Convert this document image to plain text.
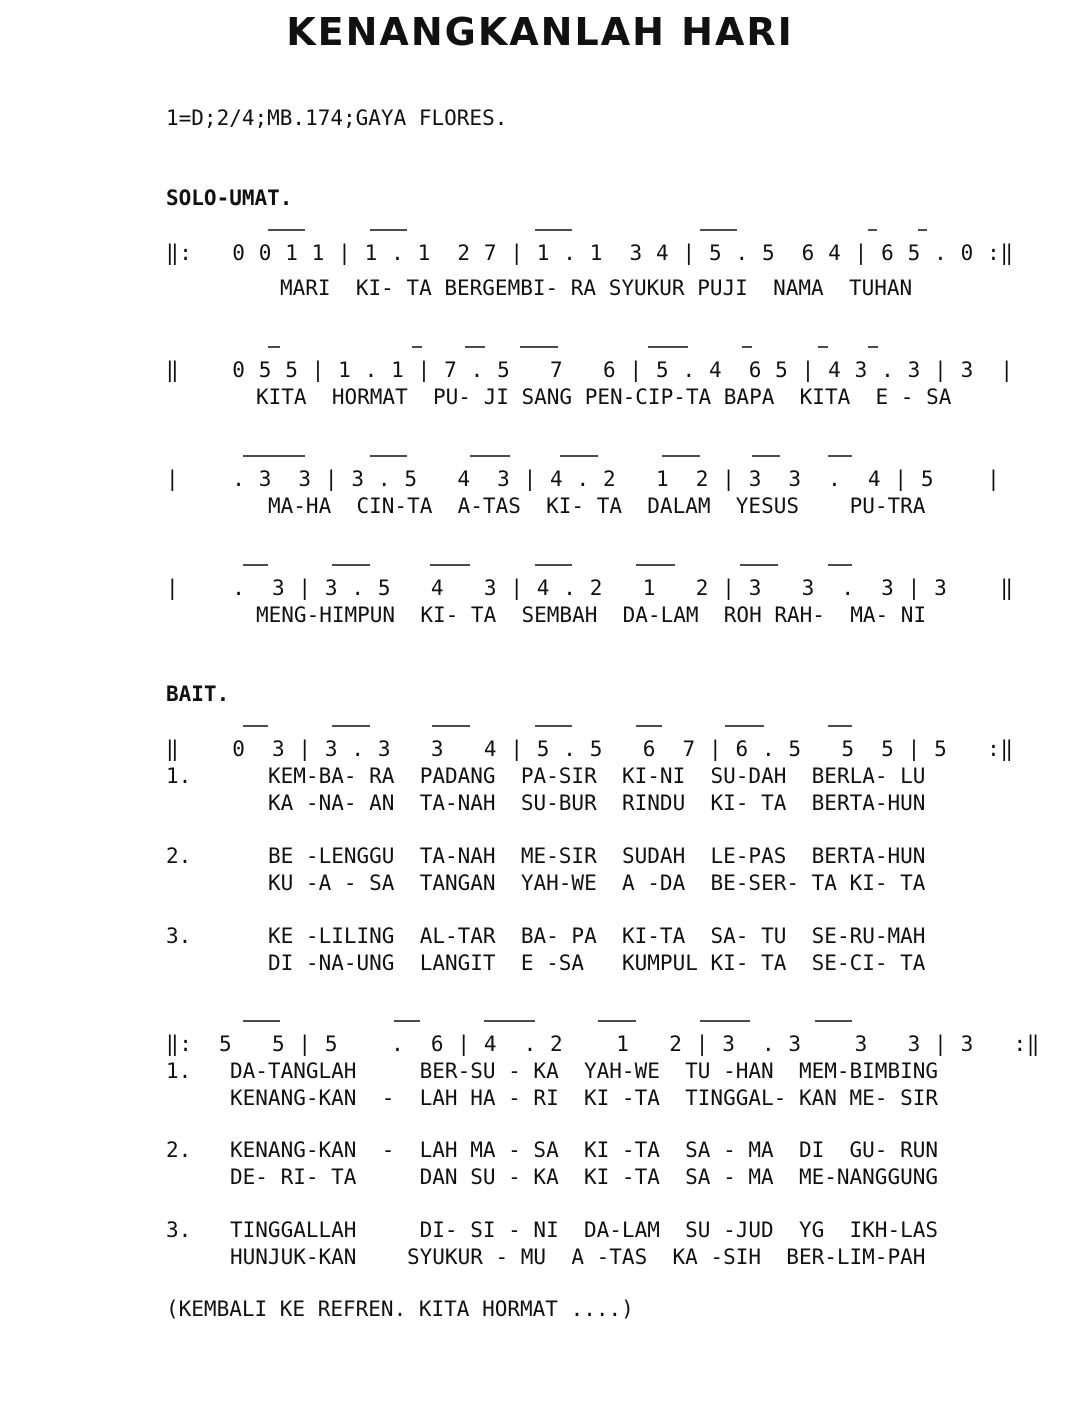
KENANGKANLAH HARI
1=D;2/4;MB.174;GAYA FLORES.
SOLO-UMAT.
‖:   0 0 1 1 | 1 . 1  2 7 | 1 . 1  3 4 | 5 . 5  6 4 | 6 5 . 0 :‖
MARI  KI- TA BERGEMBI- RA SYUKUR PUJI  NAMA  TUHAN
‖    0 5 5 | 1 . 1 | 7 . 5   7   6 | 5 . 4  6 5 | 4 3 . 3 | 3  |
KITA  HORMAT  PU- JI SANG PEN-CIP-TA BAPA  KITA  E - SA
|    . 3  3 | 3 . 5   4  3 | 4 . 2   1  2 | 3  3  .  4 | 5    |
MA-HA  CIN-TA  A-TAS  KI- TA  DALAM  YESUS    PU-TRA
|    .  3 | 3 . 5   4   3 | 4 . 2   1   2 | 3   3  .  3 | 3    ‖
MENG-HIMPUN  KI- TA  SEMBAH  DA-LAM  ROH RAH-  MA- NI
BAIT.
‖    0  3 | 3 . 3   3   4 | 5 . 5   6  7 | 6 . 5   5  5 | 5   :‖
1.	KEM-BA- RA  PADANG  PA-SIR  KI-NI  SU-DAH  BERLA- LU
KA -NA- AN  TA-NAH  SU-BUR  RINDU  KI- TA  BERTA-HUN
2.	BE -LENGGU  TA-NAH  ME-SIR  SUDAH  LE-PAS  BERTA-HUN
KU -A - SA  TANGAN  YAH-WE  A -DA  BE-SER- TA KI- TA
3.	KE -LILING  AL-TAR  BA- PA  KI-TA  SA- TU  SE-RU-MAH
DI -NA-UNG  LANGIT  E -SA   KUMPUL KI- TA  SE-CI- TA
‖:  5   5 | 5    .  6 | 4  . 2    1   2 | 3  . 3    3   3 | 3   :‖
1. DA-TANGLAH     BER-SU - KA  YAH-WE  TU -HAN  MEM-BIMBING
KENANG-KAN  -  LAH HA - RI  KI -TA  TINGGAL- KAN ME- SIR
2. KENANG-KAN  -  LAH MA - SA  KI -TA  SA - MA  DI  GU- RUN
DE- RI- TA     DAN SU - KA  KI -TA  SA - MA  ME-NANGGUNG
3. TINGGALLAH     DI- SI - NI  DA-LAM  SU -JUD  YG  IKH-LAS
HUNJUK-KAN    SYUKUR - MU  A -TAS  KA -SIH  BER-LIM-PAH
(KEMBALI KE REFREN. KITA HORMAT ....)
